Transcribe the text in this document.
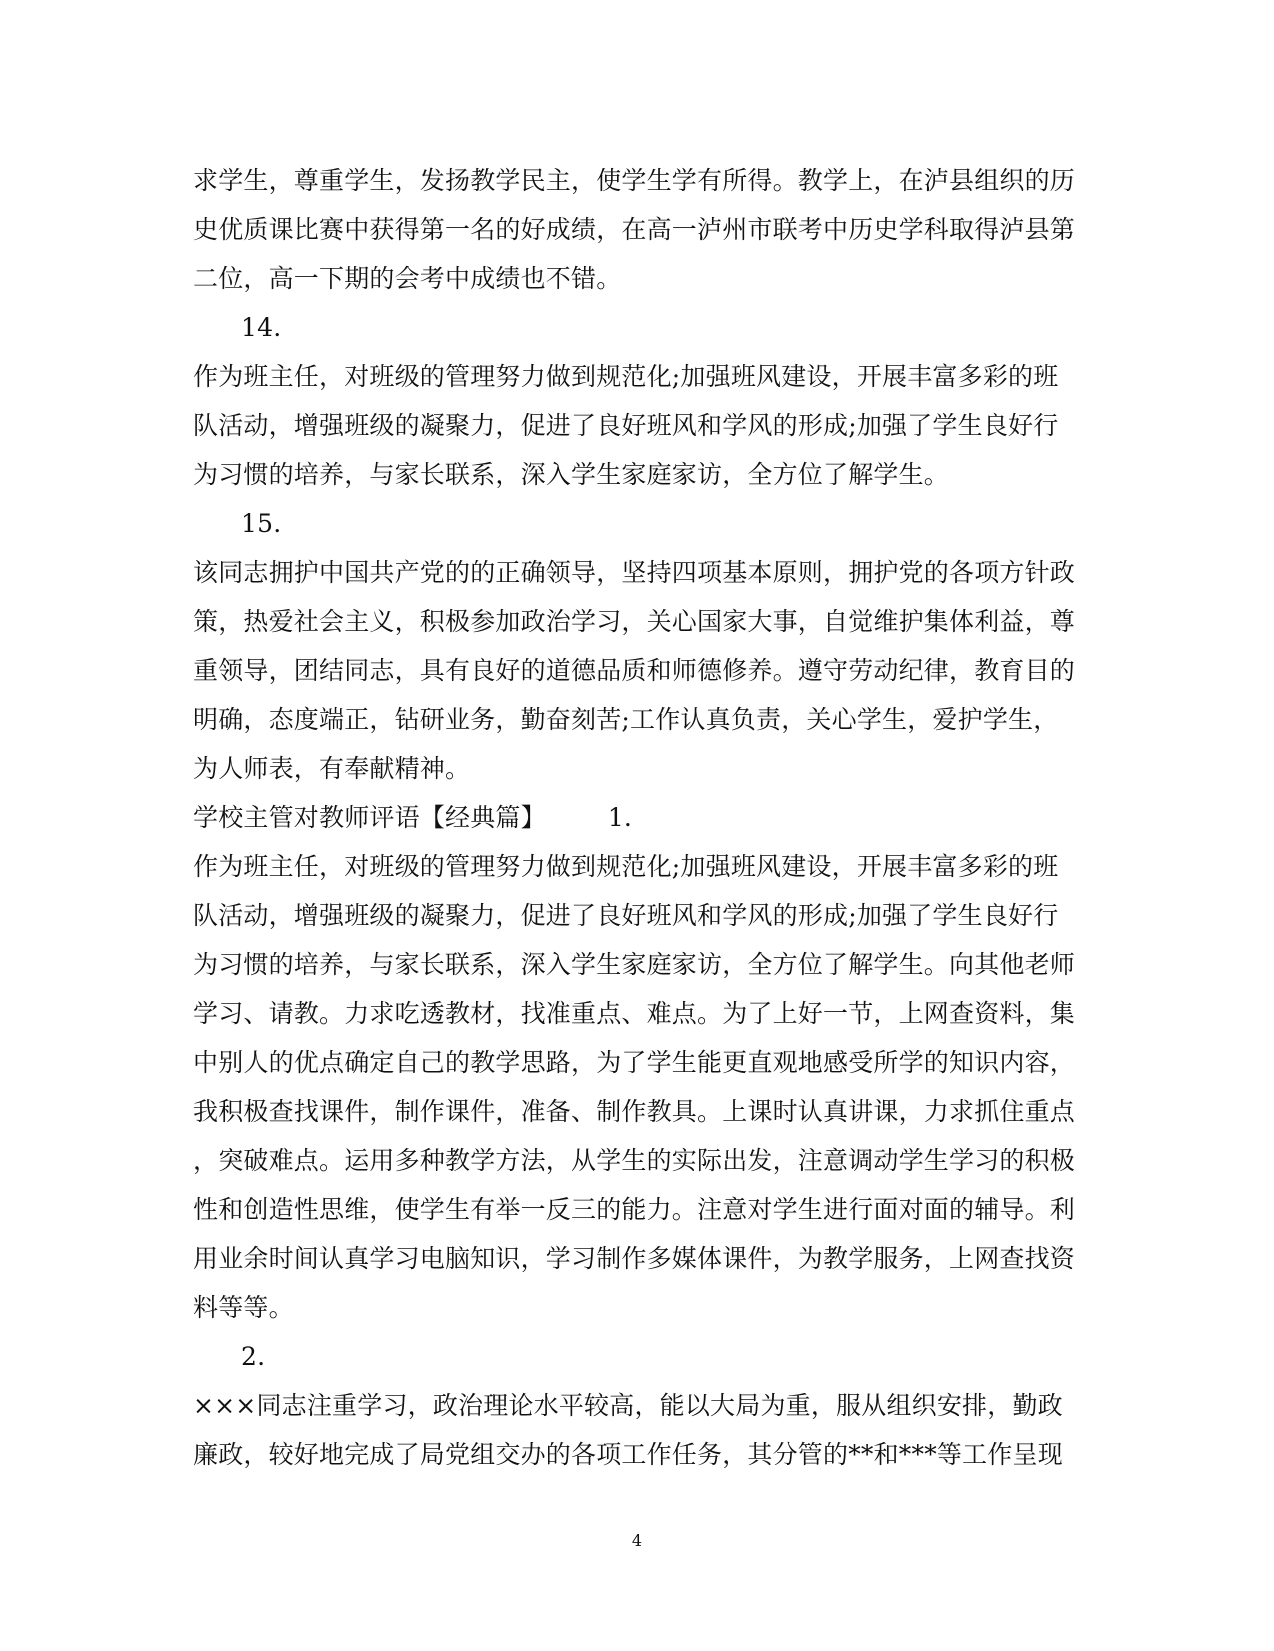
求学生，尊重学生，发扬教学民主，使学生学有所得。教学上，在泸县组织的历
史优质课比赛中获得第一名的好成绩，在高一泸州市联考中历史学科取得泸县第
二位，高一下期的会考中成绩也不错。
14.
作为班主任，对班级的管理努力做到规范化;加强班风建设，开展丰富多彩的班
队活动，增强班级的凝聚力，促进了良好班风和学风的形成;加强了学生良好行
为习惯的培养，与家长联系，深入学生家庭家访，全方位了解学生。
15.
该同志拥护中国共产党的的正确领导，坚持四项基本原则，拥护党的各项方针政
策，热爱社会主义，积极参加政治学习，关心国家大事，自觉维护集体利益，尊
重领导，团结同志，具有良好的道德品质和师德修养。遵守劳动纪律，教育目的
明确，态度端正，钻研业务，勤奋刻苦;工作认真负责，关心学生，爱护学生，
为人师表，有奉献精神。
学校主管对教师评语【经典篇】 1.
作为班主任，对班级的管理努力做到规范化;加强班风建设，开展丰富多彩的班
队活动，增强班级的凝聚力，促进了良好班风和学风的形成;加强了学生良好行
为习惯的培养，与家长联系，深入学生家庭家访，全方位了解学生。向其他老师
学习、请教。力求吃透教材，找准重点、难点。为了上好一节，上网查资料，集
中别人的优点确定自己的教学思路，为了学生能更直观地感受所学的知识内容，
我积极查找课件，制作课件，准备、制作教具。上课时认真讲课，力求抓住重点
，突破难点。运用多种教学方法，从学生的实际出发，注意调动学生学习的积极
性和创造性思维，使学生有举一反三的能力。注意对学生进行面对面的辅导。利
用业余时间认真学习电脑知识，学习制作多媒体课件，为教学服务，上网查找资
料等等。
2.
×××同志注重学习，政治理论水平较高，能以大局为重，服从组织安排，勤政
廉政，较好地完成了局党组交办的各项工作任务，其分管的**和***等工作呈现
4
